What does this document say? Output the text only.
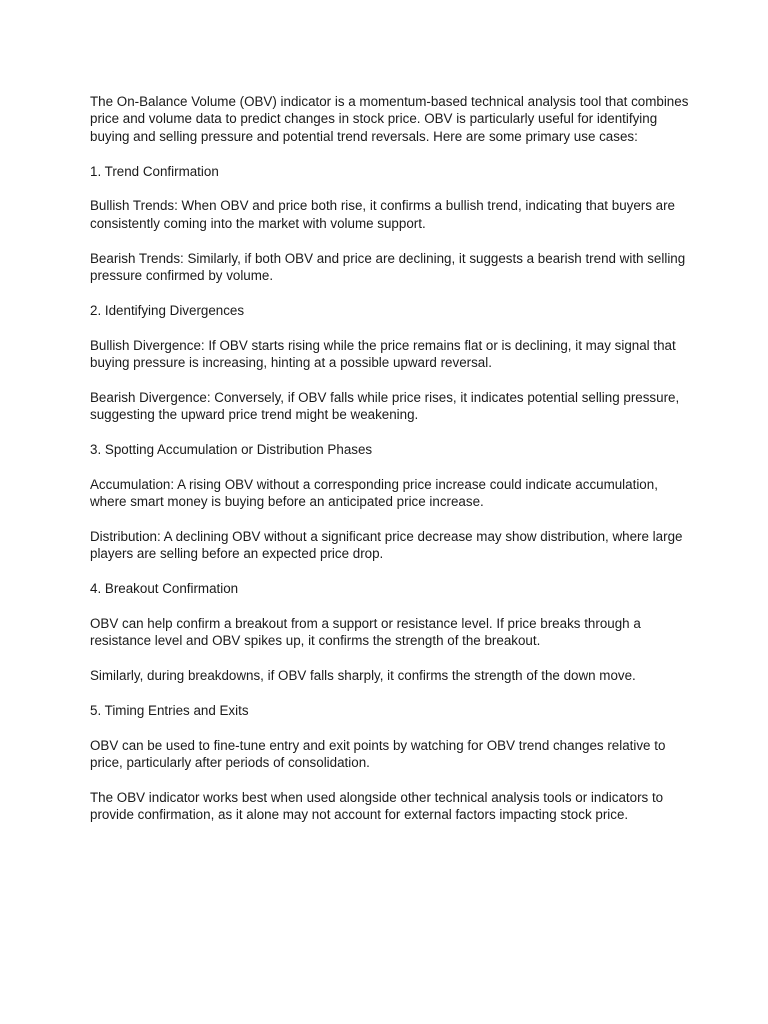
The On-Balance Volume (OBV) indicator is a momentum-based technical analysis tool that combines price and volume data to predict changes in stock price. OBV is particularly useful for identifying buying and selling pressure and potential trend reversals. Here are some primary use cases:

1. Trend Confirmation

Bullish Trends: When OBV and price both rise, it confirms a bullish trend, indicating that buyers are consistently coming into the market with volume support.

Bearish Trends: Similarly, if both OBV and price are declining, it suggests a bearish trend with selling pressure confirmed by volume.

2. Identifying Divergences

Bullish Divergence: If OBV starts rising while the price remains flat or is declining, it may signal that buying pressure is increasing, hinting at a possible upward reversal.

Bearish Divergence: Conversely, if OBV falls while price rises, it indicates potential selling pressure, suggesting the upward price trend might be weakening.

3. Spotting Accumulation or Distribution Phases

Accumulation: A rising OBV without a corresponding price increase could indicate accumulation, where smart money is buying before an anticipated price increase.

Distribution: A declining OBV without a significant price decrease may show distribution, where large players are selling before an expected price drop.

4. Breakout Confirmation

OBV can help confirm a breakout from a support or resistance level. If price breaks through a resistance level and OBV spikes up, it confirms the strength of the breakout.

Similarly, during breakdowns, if OBV falls sharply, it confirms the strength of the down move.

5. Timing Entries and Exits

OBV can be used to fine-tune entry and exit points by watching for OBV trend changes relative to price, particularly after periods of consolidation.

The OBV indicator works best when used alongside other technical analysis tools or indicators to provide confirmation, as it alone may not account for external factors impacting stock price.
